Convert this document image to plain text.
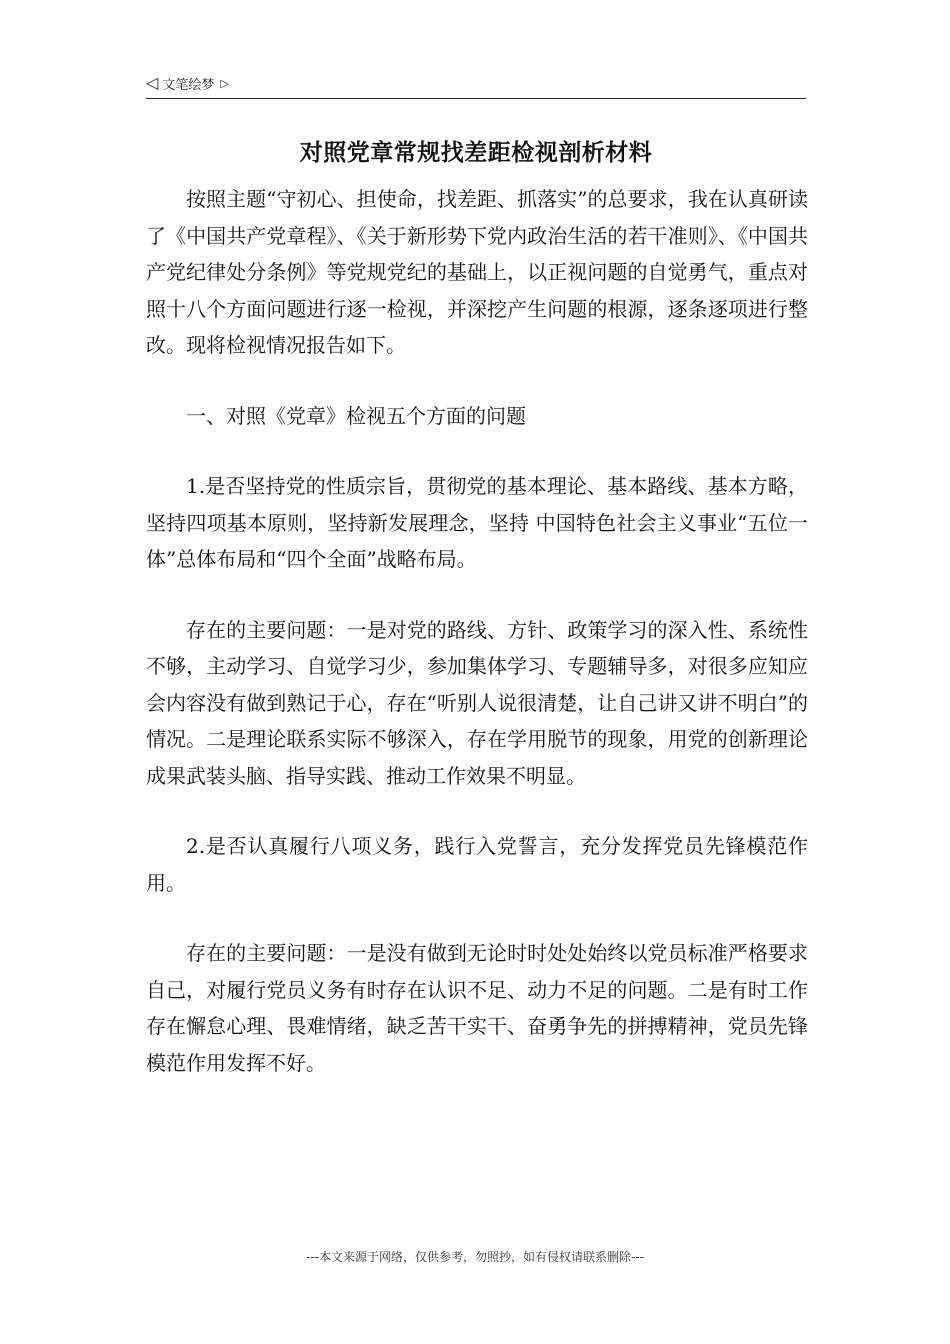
◁ 文笔绘梦 ▷
对照党章常规找差距检视剖析材料

按照主题“守初心、担使命，找差距、抓落实”的总要求，我在认真研读了《中国共产党章程》、《关于新形势下党内政治生活的若干准则》、《中国共产党纪律处分条例》等党规党纪的基础上，以正视问题的自觉勇气，重点对照十八个方面问题进行逐一检视，并深挖产生问题的根源，逐条逐项进行整改。现将检视情况报告如下。

一、对照《党章》检视五个方面的问题

1.是否坚持党的性质宗旨，贯彻党的基本理论、基本路线、基本方略，坚持四项基本原则，坚持新发展理念，坚持 中国特色社会主义事业“五位一体”总体布局和“四个全面”战略布局。

存在的主要问题：一是对党的路线、方针、政策学习的深入性、系统性不够，主动学习、自觉学习少，参加集体学习、专题辅导多，对很多应知应会内容没有做到熟记于心，存在“听别人说很清楚，让自己讲又讲不明白”的情况。二是理论联系实际不够深入，存在学用脱节的现象，用党的创新理论成果武装头脑、指导实践、推动工作效果不明显。

2.是否认真履行八项义务，践行入党誓言，充分发挥党员先锋模范作用。

存在的主要问题：一是没有做到无论时时处处始终以党员标准严格要求自己，对履行党员义务有时存在认识不足、动力不足的问题。二是有时工作存在懈怠心理、畏难情绪，缺乏苦干实干、奋勇争先的拼搏精神，党员先锋模范作用发挥不好。

---本文来源于网络，仅供参考，勿照抄，如有侵权请联系删除---
